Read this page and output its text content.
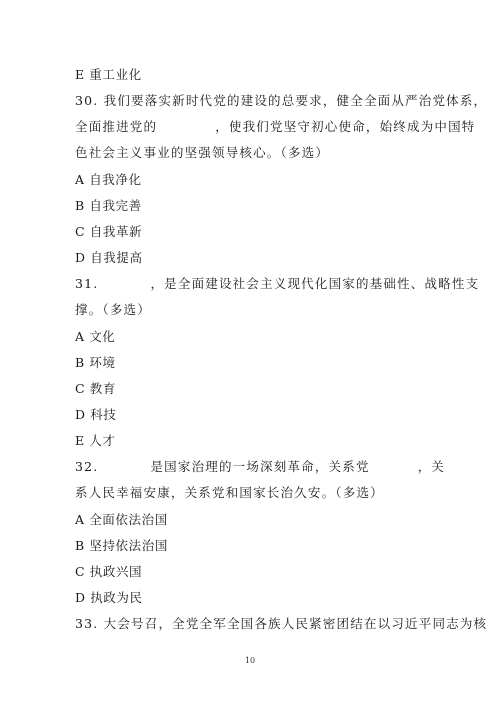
E 重工业化
30. 我们要落实新时代党的建设的总要求，健全全面从严治党体系，
全面推进党的	，使我们党坚守初心使命，始终成为中国特
色社会主义事业的坚强领导核心。（多选）
A 自我净化
B 自我完善
C 自我革新
D 自我提高
31.	，是全面建设社会主义现代化国家的基础性、战略性支
撑。（多选）
A 文化
B 环境
C 教育
D 科技
E 人才
32.	是国家治理的一场深刻革命，关系党	，关
系人民幸福安康，关系党和国家长治久安。（多选）
A 全面依法治国
B 坚持依法治国
C 执政兴国
D 执政为民
33. 大会号召，全党全军全国各族人民紧密团结在以习近平同志为核
10
